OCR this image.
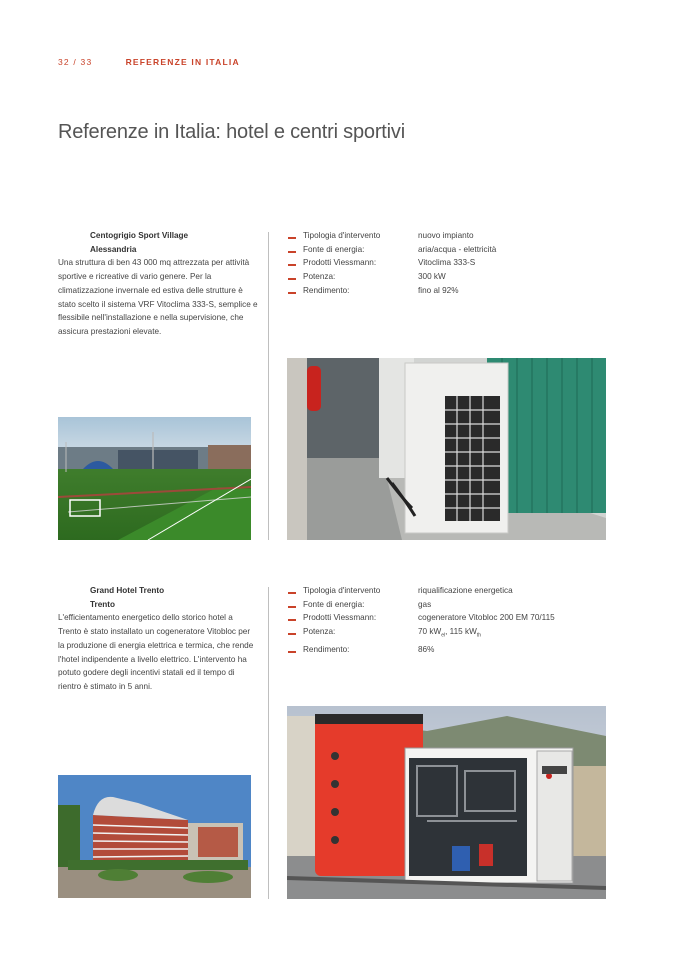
32 / 33	REFERENZE IN ITALIA
Referenze in Italia: hotel e centri sportivi
Centogrigio Sport Village
Alessandria
Una struttura di ben 43 000 mq attrezzata per attività sportive e ricreative di vario genere. Per la climatizzazione invernale ed estiva delle strutture è stato scelto il sistema VRF Vitoclima 333-S, semplice e flessibile nell'installazione e nella supervisione, che assicura prestazioni elevate.
Tipologia d'intervento	nuovo impianto
Fonte di energia:	aria/acqua - elettricità
Prodotti Viessmann:	Vitoclima 333-S
Potenza:	300 kW
Rendimento:	fino al 92%
Grand Hotel Trento
Trento
L'efficientamento energetico dello storico hotel a Trento è stato installato un cogeneratore Vitobloc per la produzione di energia elettrica e termica, che rende l'hotel indipendente a livello elettrico. L'intervento ha potuto godere degli incentivi statali ed il tempo di rientro è stimato in 5 anni.
Tipologia d'intervento	riqualificazione energetica
Fonte di energia:	gas
Prodotti Viessmann:	cogeneratore Vitobloc 200 EM 70/115
Potenza:	70 $kW_{el}$, 115 $kW_{th}$
Rendimento:	86%
